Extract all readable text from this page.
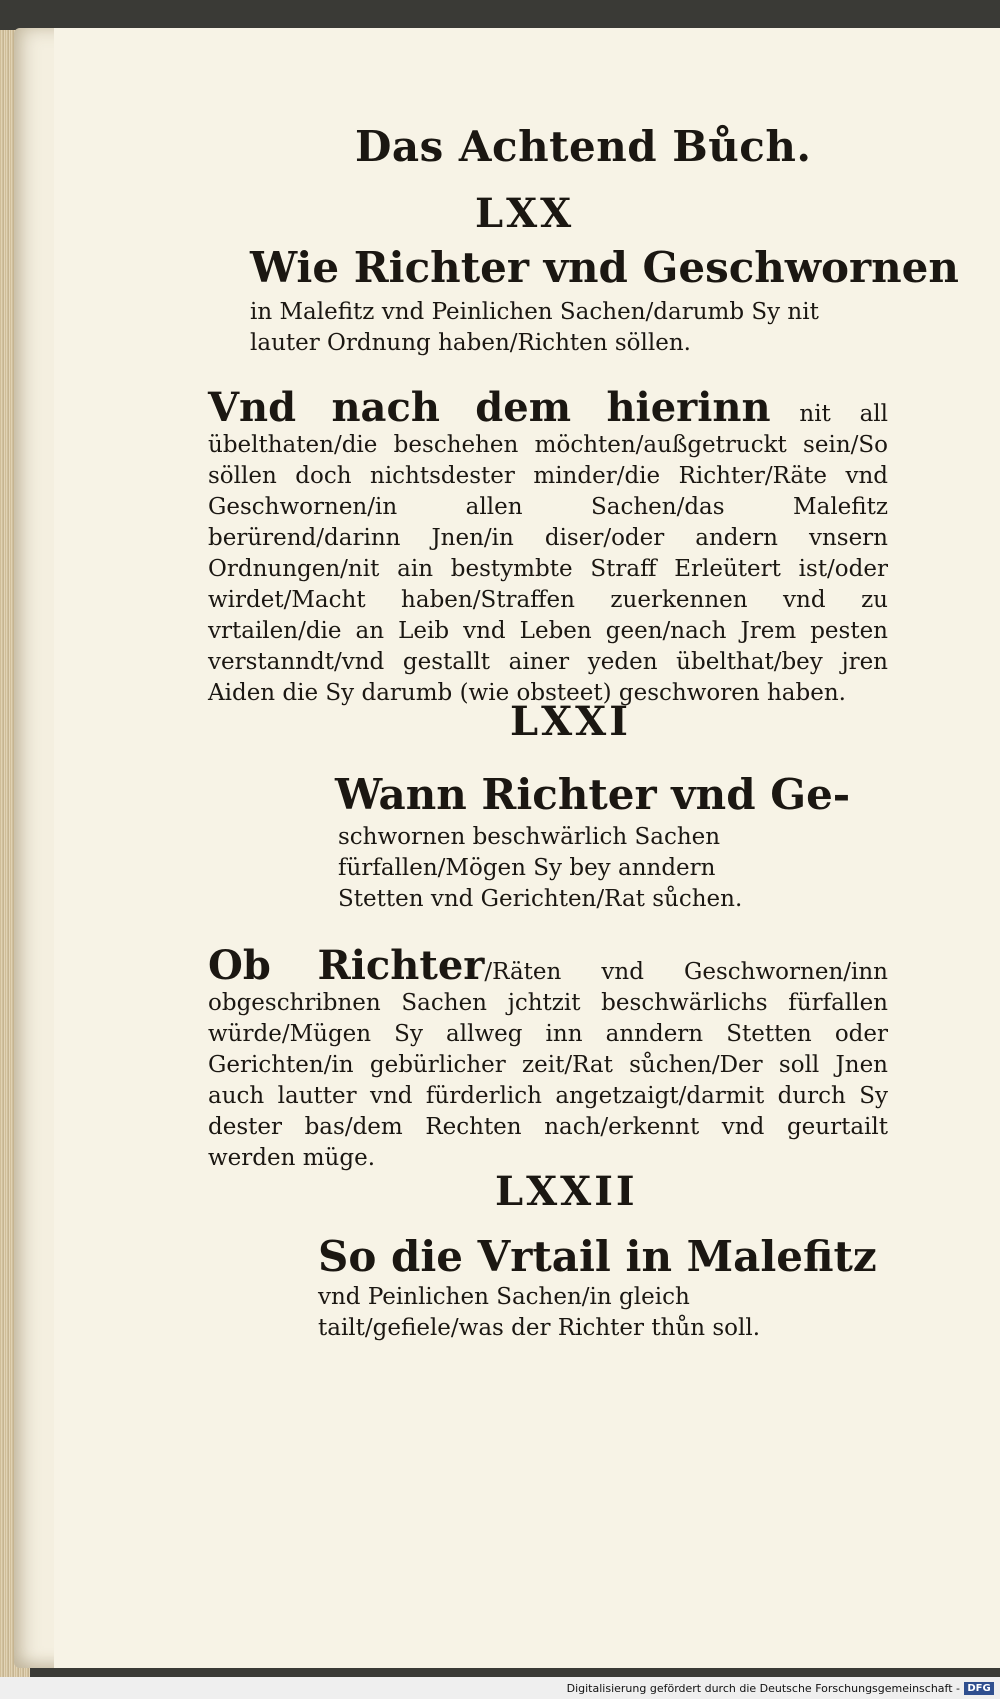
Das Achtend Bůch.
LXX
Wie Richter vnd Geschwornen
in Malefitz vnd Peinlichen Sachen/darumb Sy nit lauter Ordnung haben/Richten söllen.
Vnd nach dem hierinn nit all übelthaten/die beschehen möchten/außgetruckt sein/So söllen doch nichtsdester minder/die Richter/Räte vnd Geschwornen/in allen Sachen/das Malefitz berürend/darinn Jnen/in diser/oder andern vnsern Ordnungen/nit ain bestymbte Straff Erleütert ist/oder wirdet/Macht haben/Straffen zuerkennen vnd zu vrtailen/die an Leib vnd Leben geen/nach Jrem pesten verstanndt/vnd gestallt ainer yeden übelthat/bey jren Aiden die Sy darumb (wie obsteet) geschworen haben.
LXXI
Wann Richter vnd Ge-
schwornen beschwärlich Sachen fürfallen/Mögen Sy bey anndern Stetten vnd Gerichten/Rat sůchen.
Ob Richter/Räten vnd Geschwornen/inn obgeschribnen Sachen jchtzit beschwärlichs fürfallen würde/Mügen Sy allweg inn anndern Stetten oder Gerichten/in gebürlicher zeit/Rat sůchen/Der soll Jnen auch lautter vnd fürderlich angetzaigt/darmit durch Sy dester bas/dem Rechten nach/erkennt vnd geurtailt werden müge.
LXXII
So die Vrtail in Malefitz
vnd Peinlichen Sachen/in gleich tailt/gefiele/was der Richter thůn soll.
Digitalisierung gefördert durch die Deutsche Forschungsgemeinschaft - DFG
